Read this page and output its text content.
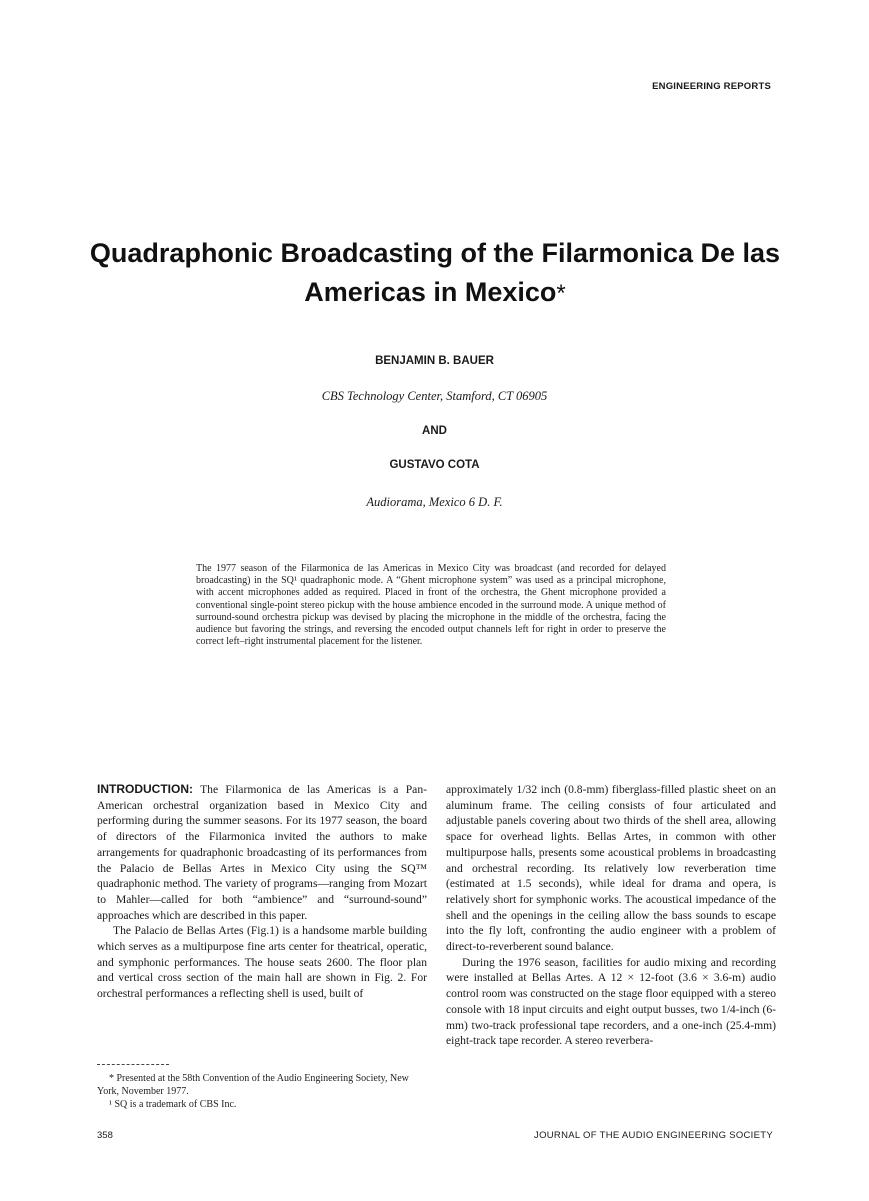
ENGINEERING REPORTS
Quadraphonic Broadcasting of the Filarmonica De las Americas in Mexico*
BENJAMIN B. BAUER
CBS Technology Center, Stamford, CT 06905
AND
GUSTAVO COTA
Audiorama, Mexico 6 D. F.
The 1977 season of the Filarmonica de las Americas in Mexico City was broadcast (and recorded for delayed broadcasting) in the SQ¹ quadraphonic mode. A “Ghent microphone system” was used as a principal microphone, with accent microphones added as required. Placed in front of the orchestra, the Ghent microphone provided a conventional single-point stereo pickup with the house ambience encoded in the surround mode. A unique method of surround-sound orchestra pickup was devised by placing the microphone in the middle of the orchestra, facing the audience but favoring the strings, and reversing the encoded output channels left for right in order to preserve the correct left–right instrumental placement for the listener.

INTRODUCTION: The Filarmonica de las Americas is a Pan-American orchestral organization based in Mexico City and performing during the summer seasons. For its 1977 season, the board of directors of the Filarmonica invited the authors to make arrangements for quadraphonic broadcasting of its performances from the Palacio de Bellas Artes in Mexico City using the SQ™ quadraphonic method. The variety of programs—ranging from Mozart to Mahler—called for both “ambience” and “surround-sound” approaches which are described in this paper.

The Palacio de Bellas Artes (Fig.1) is a handsome marble building which serves as a multipurpose fine arts center for theatrical, operatic, and symphonic performances. The house seats 2600. The floor plan and vertical cross section of the main hall are shown in Fig. 2. For orchestral performances a reflecting shell is used, built of

* Presented at the 58th Convention of the Audio Engineering Society, New York, November 1977.

¹ SQ is a trademark of CBS Inc.

approximately 1/32 inch (0.8-mm) fiberglass-filled plastic sheet on an aluminum frame. The ceiling consists of four articulated and adjustable panels covering about two thirds of the shell area, allowing space for overhead lights. Bellas Artes, in common with other multipurpose halls, presents some acoustical problems in broadcasting and orchestral recording. Its relatively low reverberation time (estimated at 1.5 seconds), while ideal for drama and opera, is relatively short for symphonic works. The acoustical impedance of the shell and the openings in the ceiling allow the bass sounds to escape into the fly loft, confronting the audio engineer with a problem of direct-to-reverberent sound balance.

During the 1976 season, facilities for audio mixing and recording were installed at Bellas Artes. A 12 × 12-foot (3.6 × 3.6-m) audio control room was constructed on the stage floor equipped with a stereo console with 18 input circuits and eight output busses, two 1/4-inch (6-mm) two-track professional tape recorders, and a one-inch (25.4-mm) eight-track tape recorder. A stereo reverbera-

358	JOURNAL OF THE AUDIO ENGINEERING SOCIETY
